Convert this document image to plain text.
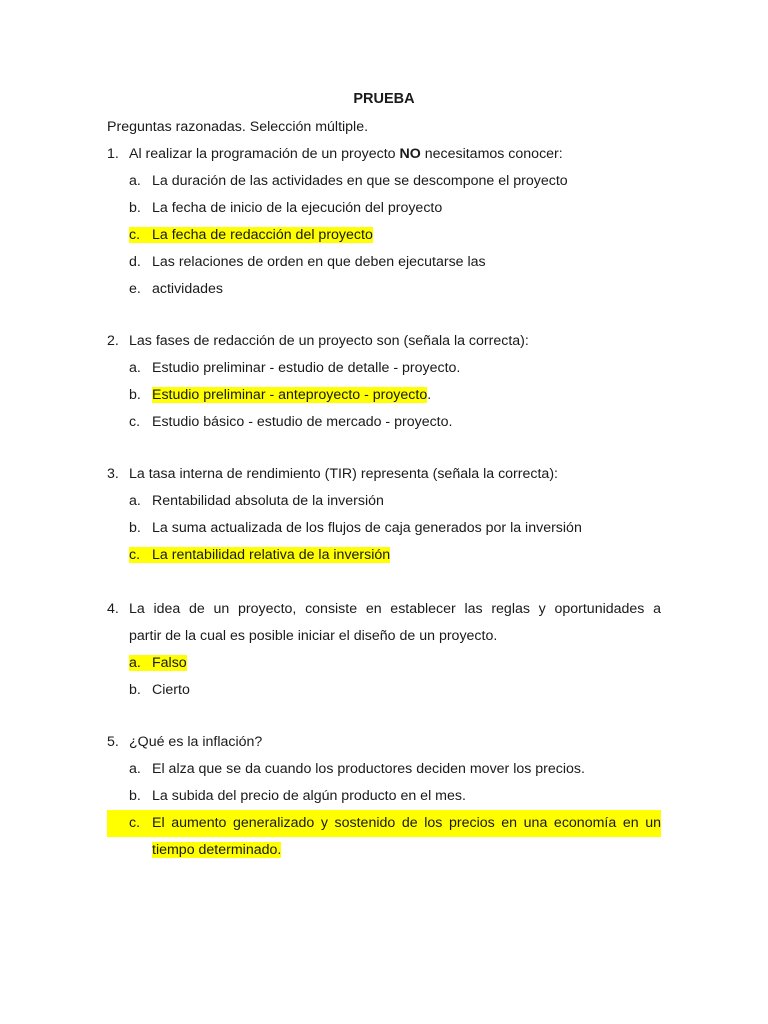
PRUEBA
Preguntas razonadas. Selección múltiple.
1. Al realizar la programación de un proyecto NO necesitamos conocer:
a. La duración de las actividades en que se descompone el proyecto
b. La fecha de inicio de la ejecución del proyecto
c. La fecha de redacción del proyecto
d. Las relaciones de orden en que deben ejecutarse las
e. actividades
2. Las fases de redacción de un proyecto son (señala la correcta):
a. Estudio preliminar - estudio de detalle - proyecto.
b. Estudio preliminar - anteproyecto - proyecto.
c. Estudio básico - estudio de mercado - proyecto.
3. La tasa interna de rendimiento (TIR) representa (señala la correcta):
a. Rentabilidad absoluta de la inversión
b. La suma actualizada de los flujos de caja generados por la inversión
c. La rentabilidad relativa de la inversión
4. La idea de un proyecto, consiste en establecer las reglas y oportunidades a
partir de la cual es posible iniciar el diseño de un proyecto.
a. Falso
b. Cierto
5. ¿Qué es la inflación?
a. El alza que se da cuando los productores deciden mover los precios.
b. La subida del precio de algún producto en el mes.
c. El aumento generalizado y sostenido de los precios en una economía en un
tiempo determinado.
